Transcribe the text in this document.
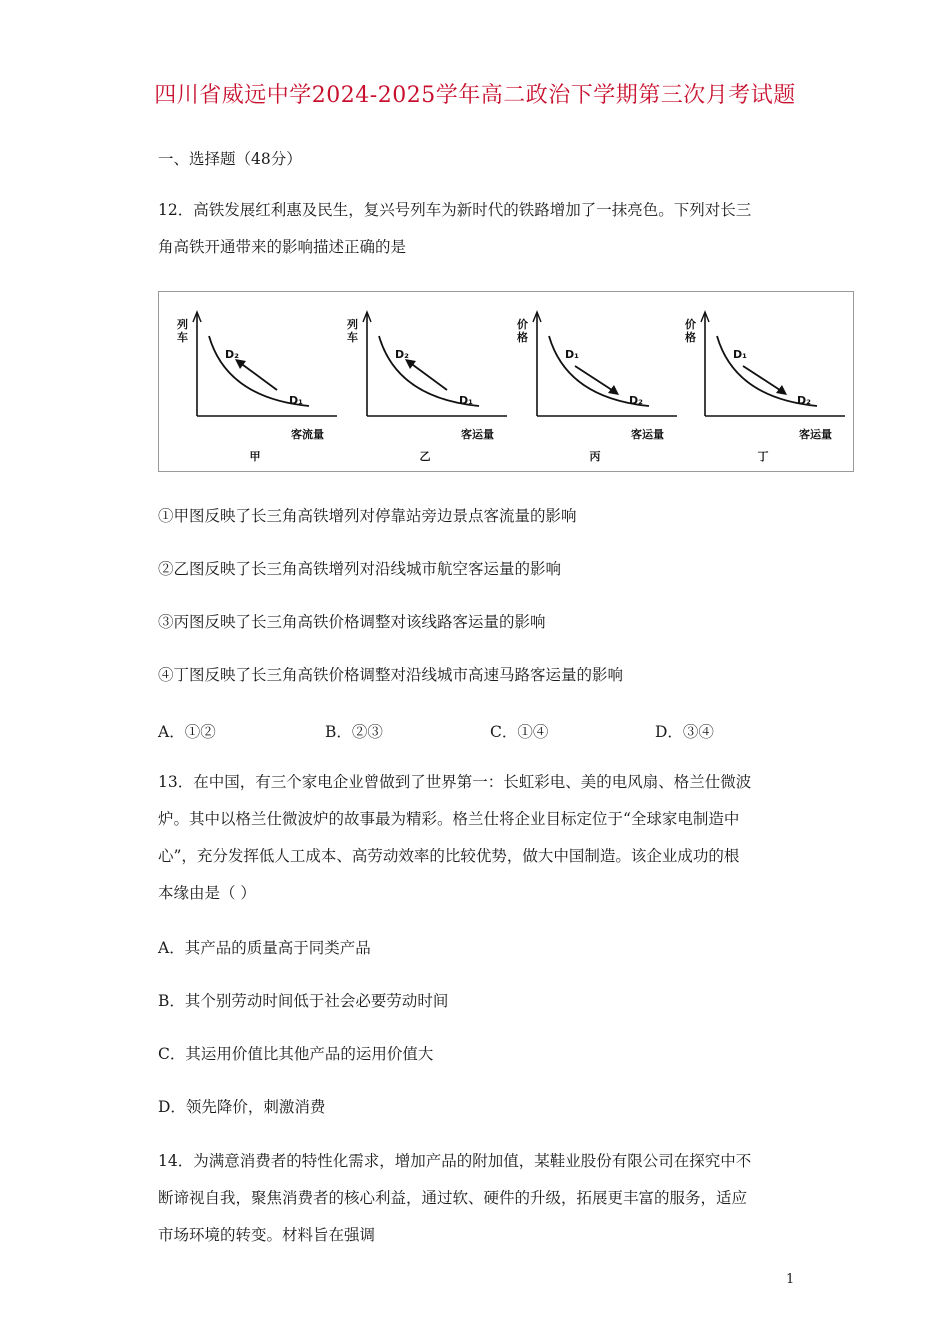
四川省威远中学2024-2025学年高二政治下学期第三次月考试题
一、选择题（48分）
12．高铁发展红利惠及民生，复兴号列车为新时代的铁路增加了一抹亮色。下列对长三
角高铁开通带来的影响描述正确的是
D₂
D₁
列
车
客流量
甲
D₂
D₁
列
车
客运量
乙
D₁
D₂
价
格
客运量
丙
D₁
D₂
价
格
客运量
丁
①甲图反映了长三角高铁增列对停靠站旁边景点客流量的影响
②乙图反映了长三角高铁增列对沿线城市航空客运量的影响
③丙图反映了长三角高铁价格调整对该线路客运量的影响
④丁图反映了长三角高铁价格调整对沿线城市高速马路客运量的影响
A．①②	B．②③	C．①④	D．③④
13．在中国，有三个家电企业曾做到了世界第一：长虹彩电、美的电风扇、格兰仕微波
炉。其中以格兰仕微波炉的故事最为精彩。格兰仕将企业目标定位于“全球家电制造中
心”，充分发挥低人工成本、高劳动效率的比较优势，做大中国制造。该企业成功的根
本缘由是（ ）
A．其产品的质量高于同类产品
B．其个别劳动时间低于社会必要劳动时间
C．其运用价值比其他产品的运用价值大
D．领先降价，刺激消费
14．为满意消费者的特性化需求，增加产品的附加值，某鞋业股份有限公司在探究中不
断谛视自我，聚焦消费者的核心利益，通过软、硬件的升级，拓展更丰富的服务，适应
市场环境的转变。材料旨在强调
1
